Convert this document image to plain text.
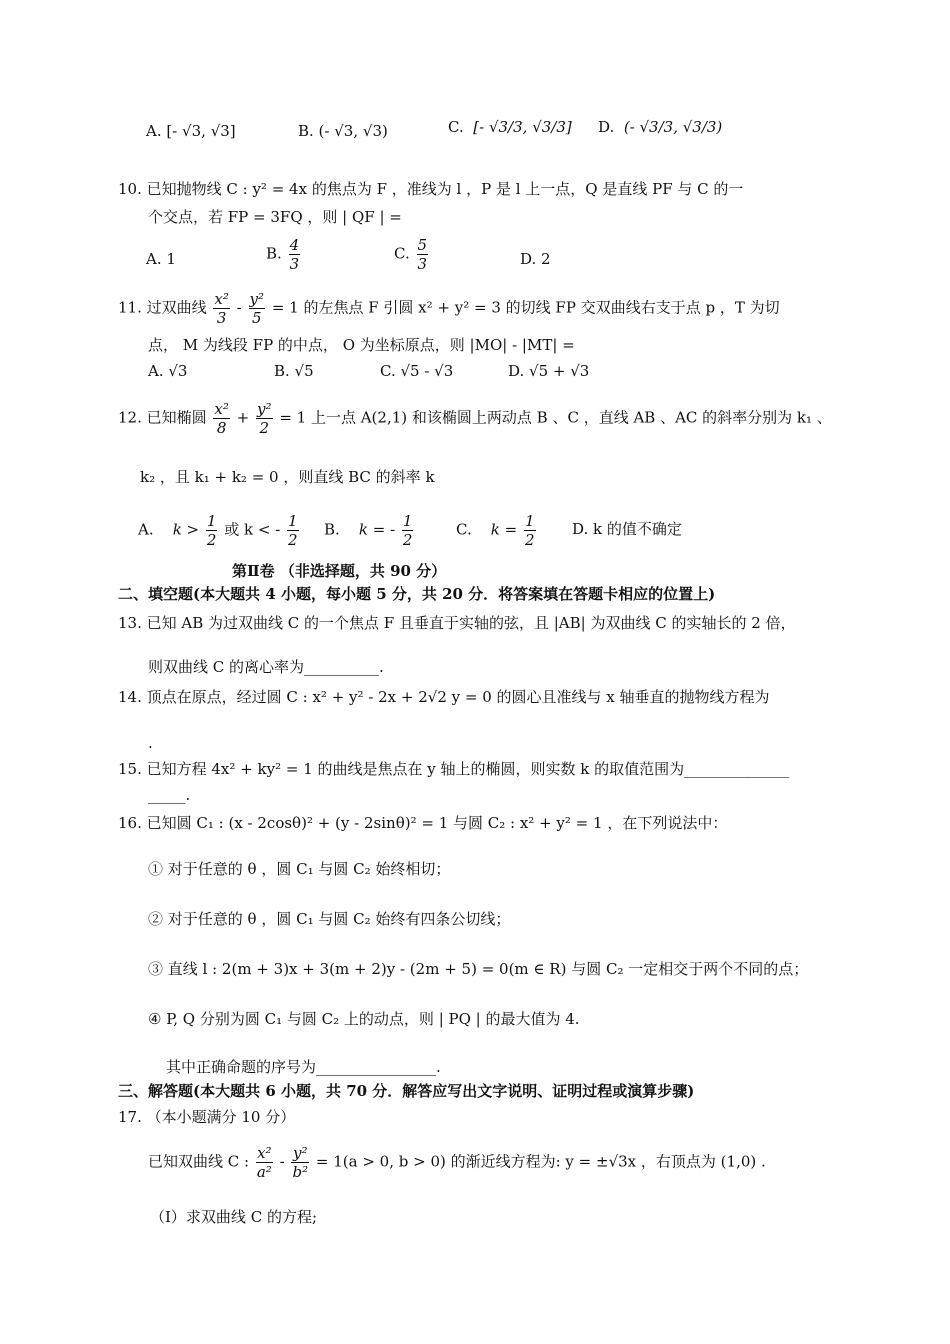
A. [- √3, √3]	B. (- √3, √3)	C. [- √3/3, √3/3] D. (- √3/3, √3/3)
10. 已知抛物线 C : y² = 4x 的焦点为 F ，准线为 l ，P 是 l 上一点，Q 是直线 PF 与 C 的一
个交点，若 FP = 3FQ ，则 | QF | =
A. 1	B. $\frac{4}{3}$	C. $\frac{5}{3}$	D. 2
11. 过双曲线 $\frac{\text{x²}}{3} - \frac{\text{y²}}{5} = 1$ 的左焦点 F 引圆 x² + y² = 3 的切线 FP 交双曲线右支于点 p ，T 为切
点， M 为线段 FP 的中点， O 为坐标原点，则 |MO| - |MT| =
A. √3	B. √5	C. √5 - √3	D. √5 + √3
12. 已知椭圆 $\frac{\text{x²}}{8} + \frac{\text{y²}}{2} = 1$ 上一点 A(2,1) 和该椭圆上两动点 B 、C ，直线 AB 、AC 的斜率分别为 k₁ 、
k₂ ，且 k₁ + k₂ = 0 ，则直线 BC 的斜率 k
A. $k > \frac{1}{2}$ 或 k < - $\frac{1}{2} B$. k = - $\frac{1}{2}$	C. $k = \frac{1}{2} D$. k 的值不确定
第Ⅱ卷 （非选择题，共 90 分）
二、填空题(本大题共 4 小题，每小题 5 分，共 20 分．将答案填在答题卡相应的位置上)
13. 已知 AB 为过双曲线 C 的一个焦点 F 且垂直于实轴的弦，且 |AB| 为双曲线 C 的实轴长的 2 倍，
则双曲线 C 的离心率为__________.
14. 顶点在原点，经过圆 C : x² + y² - 2x + 2√2 y = 0 的圆心且准线与 x 轴垂直的抛物线方程为
.
15. 已知方程 4x² + ky² = 1 的曲线是焦点在 y 轴上的椭圆，则实数 k 的取值范围为______________
_____.
16. 已知圆 C₁ : (x - 2cosθ)² + (y - 2sinθ)² = 1 与圆 C₂ : x² + y² = 1 ，在下列说法中：
① 对于任意的 θ ，圆 C₁ 与圆 C₂ 始终相切；
② 对于任意的 θ ，圆 C₁ 与圆 C₂ 始终有四条公切线；
③ 直线 l : 2(m + 3)x + 3(m + 2)y - (2m + 5) = 0(m ∈ R) 与圆 C₂ 一定相交于两个不同的点；
④ P, Q 分别为圆 C₁ 与圆 C₂ 上的动点，则 | PQ | 的最大值为 4.
其中正确命题的序号为________________.
三、解答题(本大题共 6 小题，共 70 分．解答应写出文字说明、证明过程或演算步骤)
17. （本小题满分 10 分）
已知双曲线 C : $\frac{\text{x²}}{\text{a²}} - \frac{\text{y²}}{\text{b²}} = 1(a > 0$, b > 0) 的渐近线方程为: y = ±√3x ，右顶点为 (1,0) .
（Ⅰ）求双曲线 C 的方程;
